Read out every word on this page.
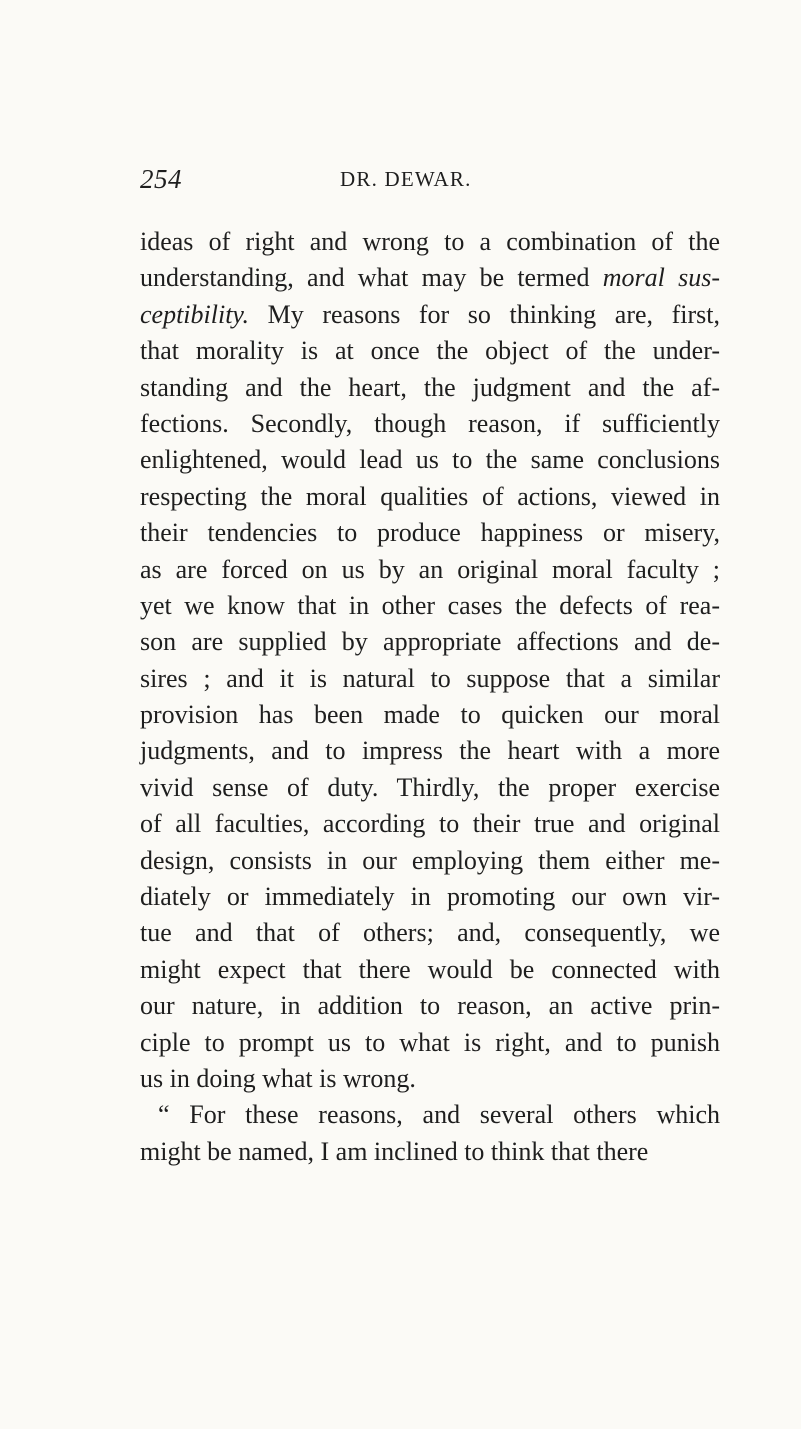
254	DR. DEWAR.
ideas of right and wrong to a combination of the
understanding, and what may be termed moral sus-
ceptibility. My reasons for so thinking are, first,
that morality is at once the object of the under-
standing and the heart, the judgment and the af-
fections. Secondly, though reason, if sufficiently
enlightened, would lead us to the same conclusions
respecting the moral qualities of actions, viewed in
their tendencies to produce happiness or misery,
as are forced on us by an original moral faculty ;
yet we know that in other cases the defects of rea-
son are supplied by appropriate affections and de-
sires ; and it is natural to suppose that a similar
provision has been made to quicken our moral
judgments, and to impress the heart with a more
vivid sense of duty. Thirdly, the proper exercise
of all faculties, according to their true and original
design, consists in our employing them either me-
diately or immediately in promoting our own vir-
tue and that of others; and, consequently, we
might expect that there would be connected with
our nature, in addition to reason, an active prin-
ciple to prompt us to what is right, and to punish
us in doing what is wrong.
“ For these reasons, and several others which
might be named, I am inclined to think that there
